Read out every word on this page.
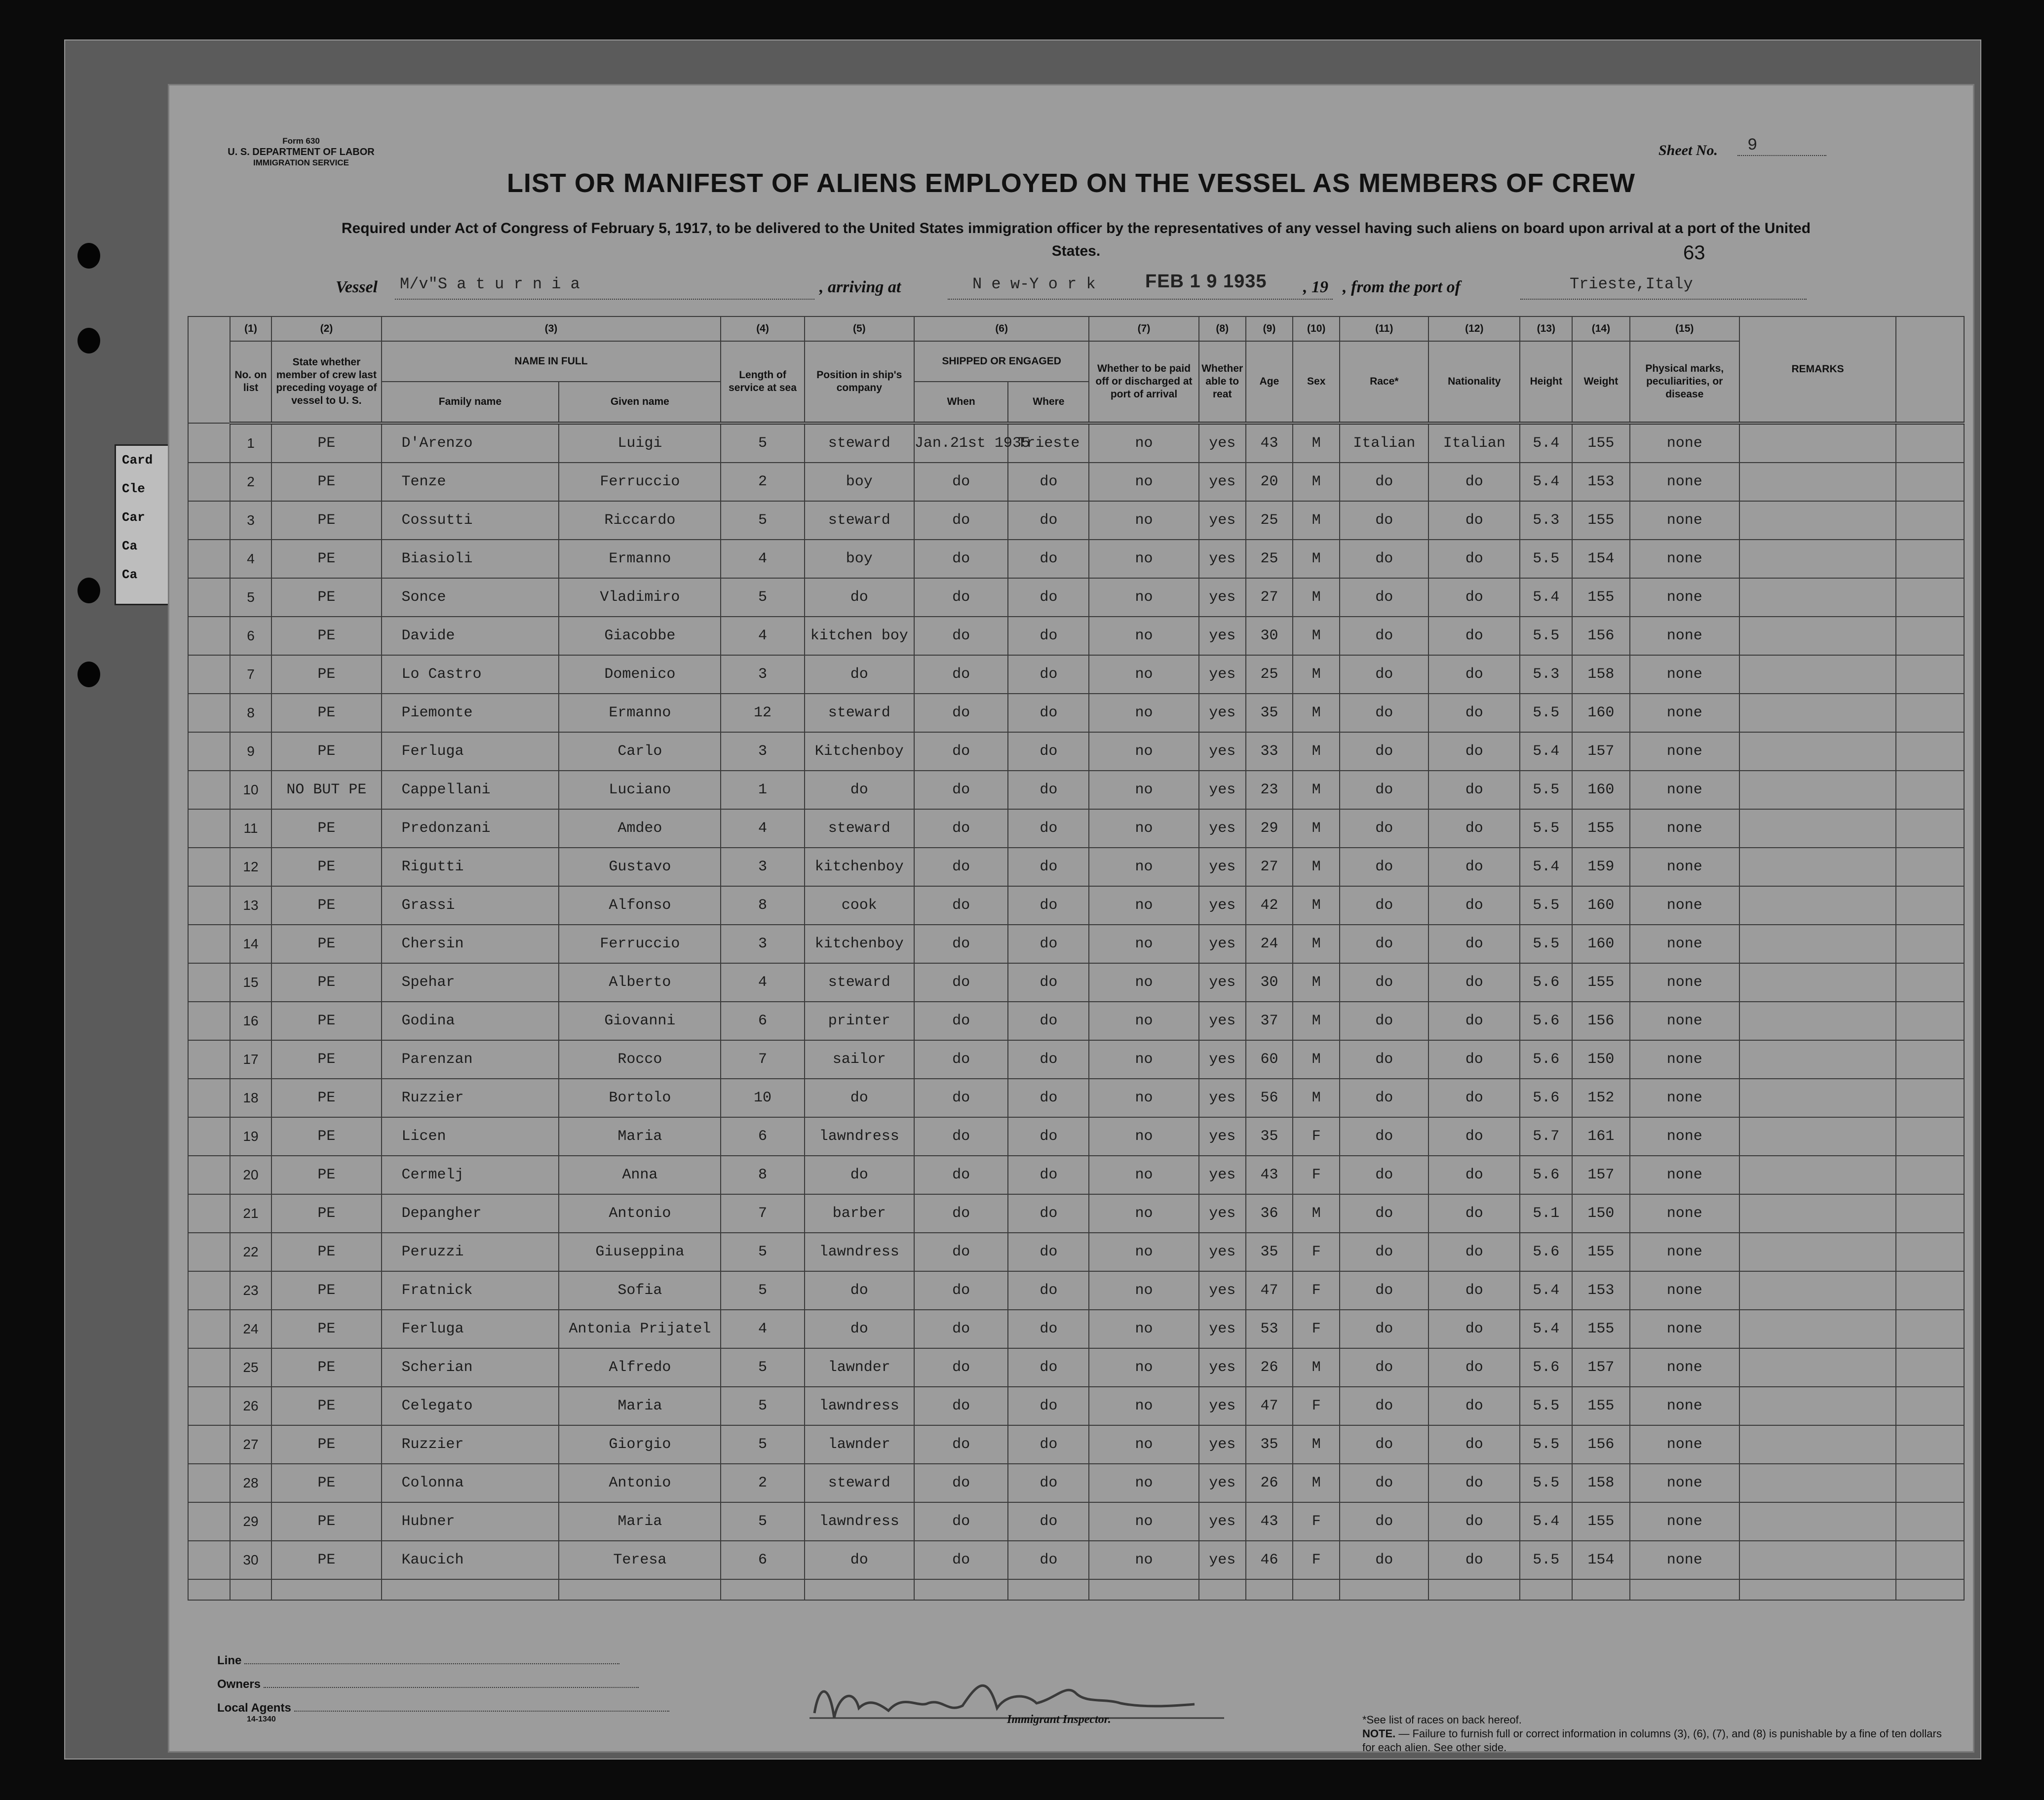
Card
Cle
Car
Ca
Ca
Form 630
U. S. DEPARTMENT OF LABOR
IMMIGRATION SERVICE
Sheet No.	9
LIST OR MANIFEST OF ALIENS EMPLOYED ON THE VESSEL AS MEMBERS OF CREW
Required under Act of Congress of February 5, 1917, to be delivered to the United States immigration officer by the representatives of any vessel having such aliens on board upon arrival at a port of the United States.	63
Vessel M/v"S a t u r n i a	, arriving at	N e w-Y o r k	FEB 1 9 1935 , 19 , from the port of	Trieste,Italy
	(1)	(2)	(3)		(4)	(5)	(6)		(7)	(8)	(9)	(10)	(11)	(12)	(13)	(14)	(15)	REMARKS	
	No. on list	State whether member of crew last preceding voyage of vessel to U. S.	NAME IN FULL		Length of service at sea	Position in ship's company	SHIPPED OR ENGAGED		Whether to be paid off or discharged at port of arrival	Whether able to reat	Age	Sex	Race*	Nationality	Height	Weight	Physical marks, peculiarities, or disease		
			Family name	Given name			When	Where											
	1	PE	D'Arenzo	Luigi	5	steward	Jan.21st 1935	Trieste	no	yes	43	M	Italian	Italian	5.4	155	none		
	2	PE	Tenze	Ferruccio	2	boy	do	do	no	yes	20	M	do	do	5.4	153	none		
	3	PE	Cossutti	Riccardo	5	steward	do	do	no	yes	25	M	do	do	5.3	155	none		
	4	PE	Biasioli	Ermanno	4	boy	do	do	no	yes	25	M	do	do	5.5	154	none		
	5	PE	Sonce	Vladimiro	5	do	do	do	no	yes	27	M	do	do	5.4	155	none		
	6	PE	Davide	Giacobbe	4	kitchen boy	do	do	no	yes	30	M	do	do	5.5	156	none		
	7	PE	Lo Castro	Domenico	3	do	do	do	no	yes	25	M	do	do	5.3	158	none		
	8	PE	Piemonte	Ermanno	12	steward	do	do	no	yes	35	M	do	do	5.5	160	none		
	9	PE	Ferluga	Carlo	3	Kitchenboy	do	do	no	yes	33	M	do	do	5.4	157	none		
	10	NO BUT PE	Cappellani	Luciano	1	do	do	do	no	yes	23	M	do	do	5.5	160	none		
	11	PE	Predonzani	Amdeo	4	steward	do	do	no	yes	29	M	do	do	5.5	155	none		
	12	PE	Rigutti	Gustavo	3	kitchenboy	do	do	no	yes	27	M	do	do	5.4	159	none		
	13	PE	Grassi	Alfonso	8	cook	do	do	no	yes	42	M	do	do	5.5	160	none		
	14	PE	Chersin	Ferruccio	3	kitchenboy	do	do	no	yes	24	M	do	do	5.5	160	none		
	15	PE	Spehar	Alberto	4	steward	do	do	no	yes	30	M	do	do	5.6	155	none		
	16	PE	Godina	Giovanni	6	printer	do	do	no	yes	37	M	do	do	5.6	156	none		
	17	PE	Parenzan	Rocco	7	sailor	do	do	no	yes	60	M	do	do	5.6	150	none		
	18	PE	Ruzzier	Bortolo	10	do	do	do	no	yes	56	M	do	do	5.6	152	none		
	19	PE	Licen	Maria	6	lawndress	do	do	no	yes	35	F	do	do	5.7	161	none		
	20	PE	Cermelj	Anna	8	do	do	do	no	yes	43	F	do	do	5.6	157	none		
	21	PE	Depangher	Antonio	7	barber	do	do	no	yes	36	M	do	do	5.1	150	none		
	22	PE	Peruzzi	Giuseppina	5	lawndress	do	do	no	yes	35	F	do	do	5.6	155	none		
	23	PE	Fratnick	Sofia	5	do	do	do	no	yes	47	F	do	do	5.4	153	none		
	24	PE	Ferluga	Antonia Prijatel	4	do	do	do	no	yes	53	F	do	do	5.4	155	none		
	25	PE	Scherian	Alfredo	5	lawnder	do	do	no	yes	26	M	do	do	5.6	157	none		
	26	PE	Celegato	Maria	5	lawndress	do	do	no	yes	47	F	do	do	5.5	155	none		
	27	PE	Ruzzier	Giorgio	5	lawnder	do	do	no	yes	35	M	do	do	5.5	156	none		
	28	PE	Colonna	Antonio	2	steward	do	do	no	yes	26	M	do	do	5.5	158	none		
	29	PE	Hubner	Maria	5	lawndress	do	do	no	yes	43	F	do	do	5.4	155	none		
	30	PE	Kaucich	Teresa	6	do	do	do	no	yes	46	F	do	do	5.5	154	none		

Line
Owners
Local Agents
14-1340	Immigrant Inspector.	*See list of races on back hereof.
NOTE. — Failure to furnish full or correct information in columns (3), (6), (7), and (8) is punishable by a fine of ten dollars for each alien. See other side.
